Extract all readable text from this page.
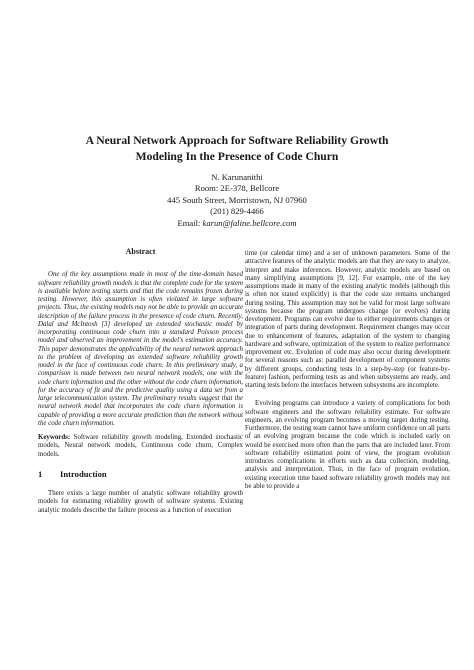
A Neural Network Approach for Software Reliability Growth
Modeling In the Presence of Code Churn
N. Karunanithi
Room: 2E-378, Bellcore
445 South Street, Morristown, NJ 07960
(201) 829-4466
Email: karun@faline.bellcore.com
Abstract

One of the key assumptions made in most of the time-domain based software reliability growth models is that the complete code for the system is available before testing starts and that the code remains frozen during testing. However, this assumption is often violated in large software projects. Thus, the existing models may not be able to provide an accurate description of the failure process in the presence of code churn. Recently, Dalal and McIntosh [3] developed an extended stochastic model by incorporating continuous code churn into a standard Poisson process model and observed an improvement in the model's estimation accuracy. This paper demonstrates the applicability of the neural network approach to the problem of developing an extended software reliability growth model in the face of continuous code churn. In this preliminary study, a comparison is made between two neural network models, one with the code churn information and the other without the code churn information, for the accuracy of fit and the predictive quality using a data set from a large telecommunication system. The preliminary results suggest that the neural network model that incorporates the code churn information is capable of providing a more accurate prediction than the network without the code churn information.

Keywords: Software reliability growth modeling, Extended stochastic models, Neural network models, Continuous code churn, Complex models.
1 Introduction

There exists a large number of analytic software reliability growth models for estimating reliability growth of software systems. Existing analytic models describe the failure process as a function of execution

time (or calendar time) and a set of unknown parameters. Some of the attractive features of the analytic models are that they are easy to analyze, interpret and make inferences. However, analytic models are based on many simplifying assumptions [9, 12]. For example, one of the key assumptions made in many of the existing analytic models (although this is often not stated explicitly) is that the code size remains unchanged during testing. This assumption may not be valid for most large software systems because the program undergoes change (or evolves) during development. Programs can evolve due to either requirements changes or integration of parts during development. Requirement changes may occur due to enhancement of features, adaptation of the system to changing hardware and software, optimization of the system to realize performance improvement etc. Evolution of code may also occur during development for several reasons such as: parallel development of component systems by different groups, conducting tests in a step-by-step (or feature-by-feature) fashion, performing tests as and when subsystems are ready, and starting tests before the interfaces between subsystems are incomplete.

Evolving programs can introduce a variety of complications for both software engineers and the software reliability estimate. For software engineers, an evolving program becomes a moving target during testing. Furthermore, the testing team cannot have uniform confidence on all parts of an evolving program because the code which is included early on would be exercised more often than the parts that are included later. From software reliability estimation point of view, the program evolution introduces complications in efforts such as data collection, modeling, analysis and interpretation. Thus, in the face of program evolution, existing execution time based software reliability growth models may not be able to provide a
